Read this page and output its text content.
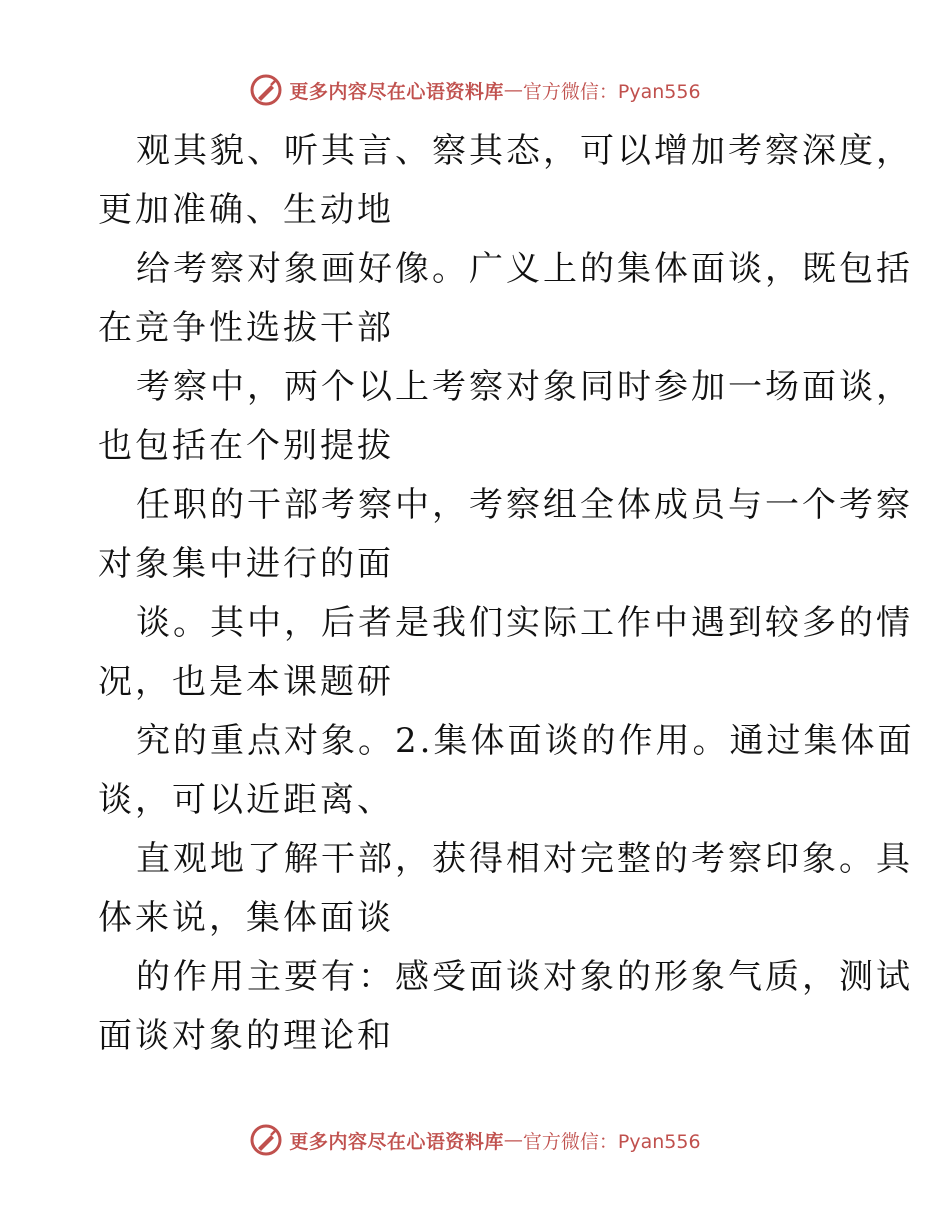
更多内容尽在心语资料库 — 官方微信：Pyan556

观其貌、听其言、察其态，可以增加考察深度，
更加准确、生动地

给考察对象画好像。广义上的集体面谈，既包括
在竞争性选拔干部

考察中，两个以上考察对象同时参加一场面谈，
也包括在个别提拔

任职的干部考察中，考察组全体成员与一个考察
对象集中进行的面

谈。其中，后者是我们实际工作中遇到较多的情
况，也是本课题研

究的重点对象。2.集体面谈的作用。通过集体面
谈，可以近距离、

直观地了解干部，获得相对完整的考察印象。具
体来说，集体面谈

的作用主要有：感受面谈对象的形象气质，测试
面谈对象的理论和

更多内容尽在心语资料库 — 官方微信：Pyan556
